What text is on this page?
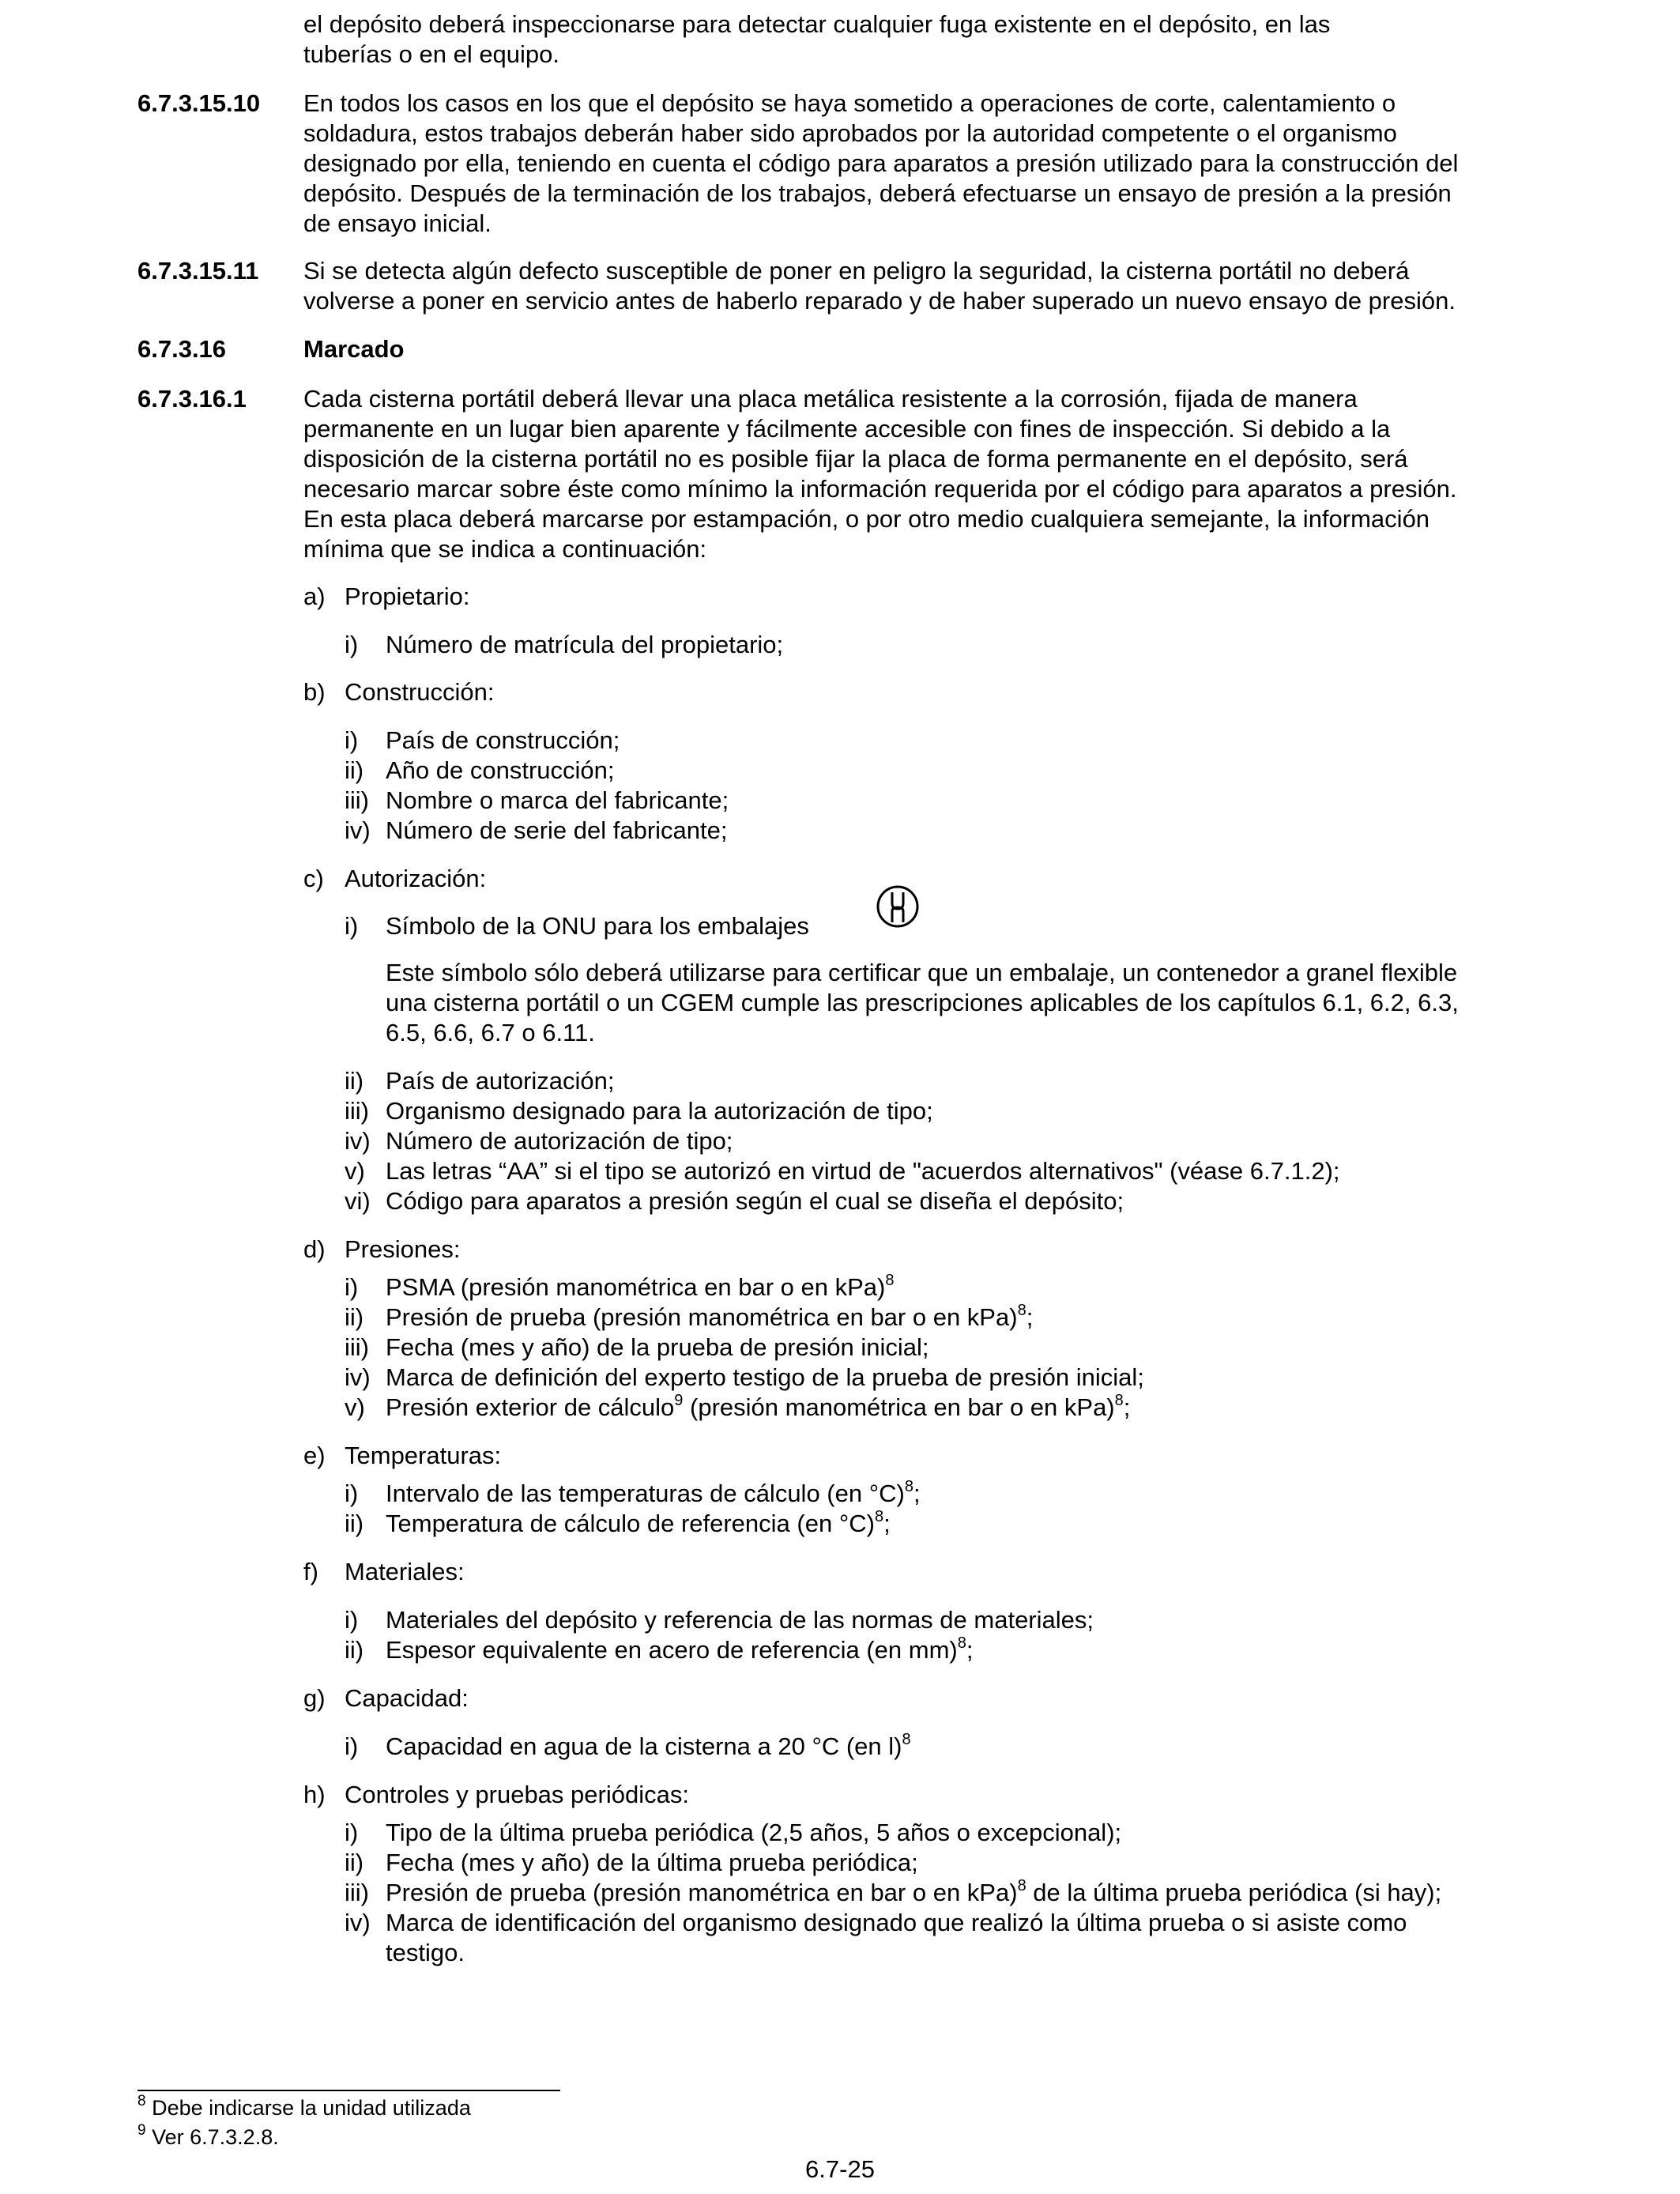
el depósito deberá inspeccionarse para detectar cualquier fuga existente en el depósito, en las
tuberías o en el equipo.
6.7.3.15.10 En todos los casos en los que el depósito se haya sometido a operaciones de corte, calentamiento o
soldadura, estos trabajos deberán haber sido aprobados por la autoridad competente o el organismo
designado por ella, teniendo en cuenta el código para aparatos a presión utilizado para la construcción del
depósito. Después de la terminación de los trabajos, deberá efectuarse un ensayo de presión a la presión
de ensayo inicial.
6.7.3.15.11 Si se detecta algún defecto susceptible de poner en peligro la seguridad, la cisterna portátil no deberá
volverse a poner en servicio antes de haberlo reparado y de haber superado un nuevo ensayo de presión.
6.7.3.16	Marcado
6.7.3.16.1 Cada cisterna portátil deberá llevar una placa metálica resistente a la corrosión, fijada de manera
permanente en un lugar bien aparente y fácilmente accesible con fines de inspección. Si debido a la
disposición de la cisterna portátil no es posible fijar la placa de forma permanente en el depósito, será
necesario marcar sobre éste como mínimo la información requerida por el código para aparatos a presión.
En esta placa deberá marcarse por estampación, o por otro medio cualquiera semejante, la información
mínima que se indica a continuación:
a) Propietario:
i) Número de matrícula del propietario;
b) Construcción:
i) País de construcción;
ii) Año de construcción;
iii) Nombre o marca del fabricante;
iv) Número de serie del fabricante;
c) Autorización:
i) Símbolo de la ONU para los embalajes
Este símbolo sólo deberá utilizarse para certificar que un embalaje, un contenedor a granel flexible
una cisterna portátil o un CGEM cumple las prescripciones aplicables de los capítulos 6.1, 6.2, 6.3,
6.5, 6.6, 6.7 o 6.11.
ii) País de autorización;
iii) Organismo designado para la autorización de tipo;
iv) Número de autorización de tipo;
v) Las letras “AA” si el tipo se autorizó en virtud de "acuerdos alternativos" (véase 6.7.1.2);
vi) Código para aparatos a presión según el cual se diseña el depósito;
d) Presiones:
i) PSMA (presión manométrica en bar o en kPa)$^8$
ii) Presión de prueba (presión manométrica en bar o en kPa)$^8$;
iii) Fecha (mes y año) de la prueba de presión inicial;
iv) Marca de definición del experto testigo de la prueba de presión inicial;
v) Presión exterior de cálculo$^9$ (presión manométrica en bar o en kPa)$^8$;
e) Temperaturas:
i) Intervalo de las temperaturas de cálculo (en °C)$^8$;
ii) Temperatura de cálculo de referencia (en °C)$^8$;
f) Materiales:
i) Materiales del depósito y referencia de las normas de materiales;
ii) Espesor equivalente en acero de referencia (en mm)$^8$;
g) Capacidad:
i) Capacidad en agua de la cisterna a 20 °C (en l)$^8$
h) Controles y pruebas periódicas:
i) Tipo de la última prueba periódica (2,5 años, 5 años o excepcional);
ii) Fecha (mes y año) de la última prueba periódica;
iii) Presión de prueba (presión manométrica en bar o en kPa)$^8$ de la última prueba periódica (si hay);
iv) Marca de identificación del organismo designado que realizó la última prueba o si asiste como
testigo.
$^8$ Debe indicarse la unidad utilizada
$^9$ Ver 6.7.3.2.8.
6.7-25
